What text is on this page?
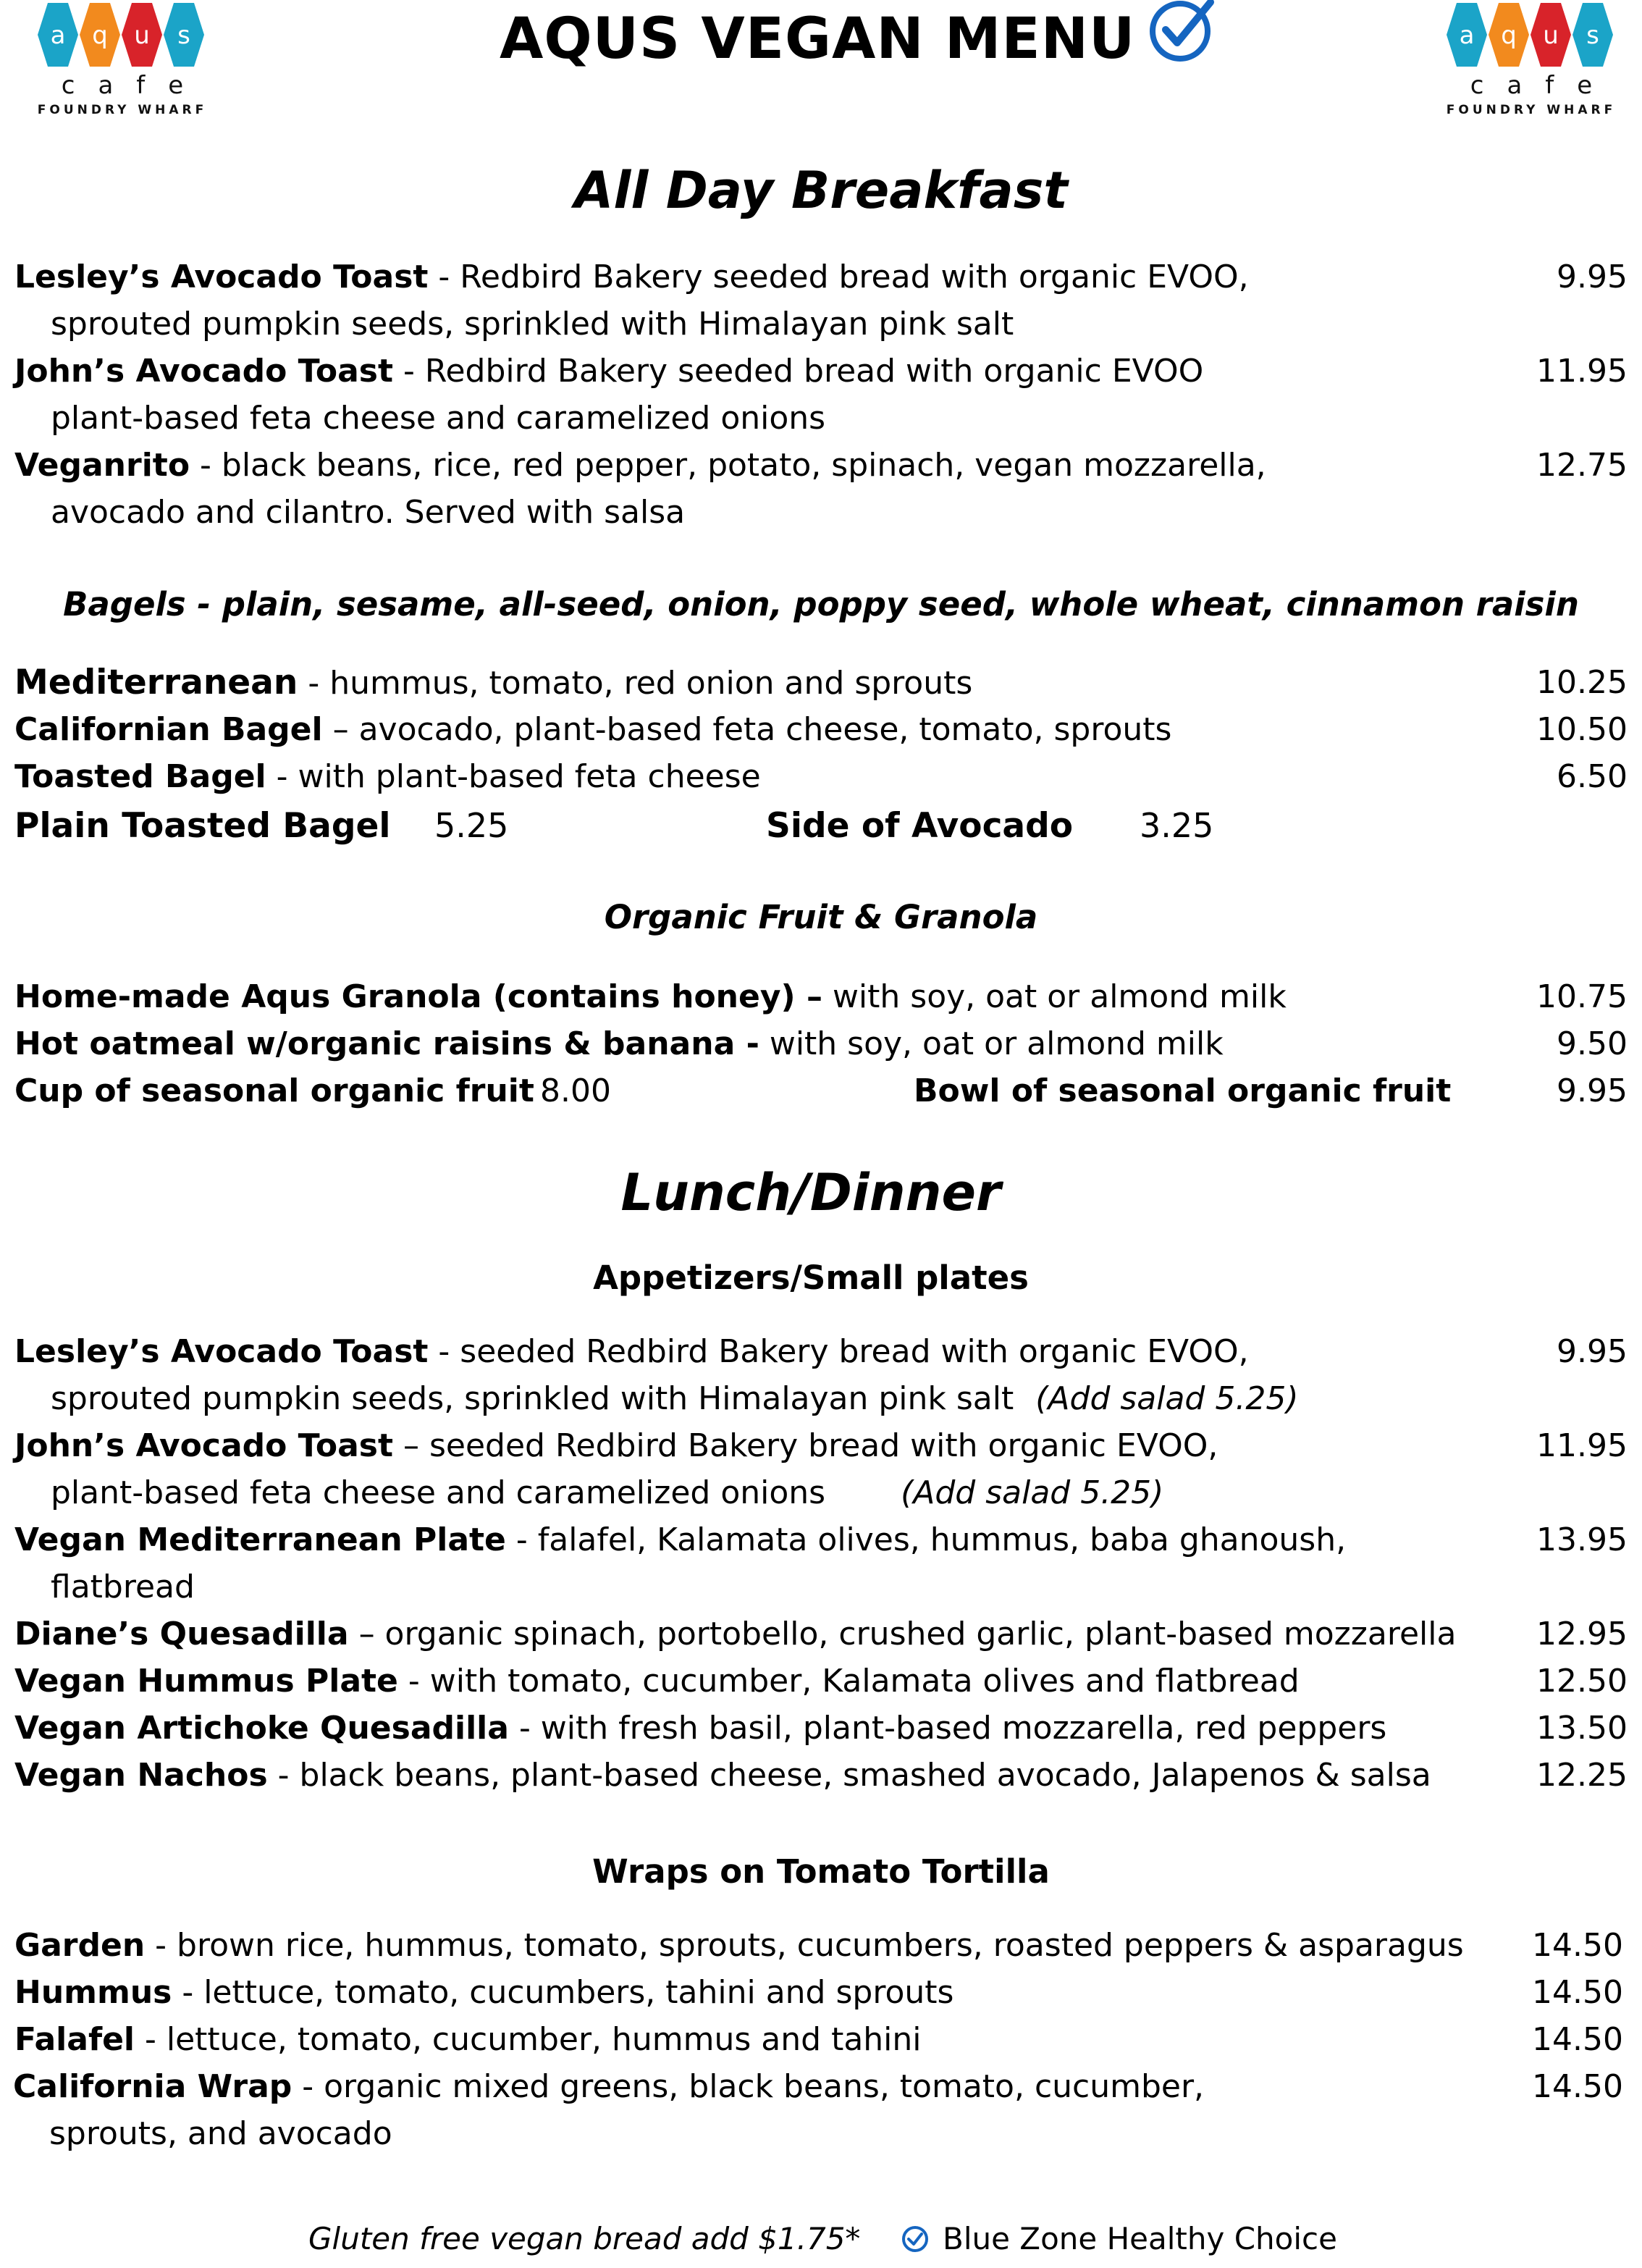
a q u s
cafe
FOUNDRY WHARF
AQUS VEGAN MENU	a q u s
cafe
FOUNDRY WHARF
All Day Breakfast
Lesley’s Avocado Toast - Redbird Bakery seeded bread with organic EVOO,
sprouted pumpkin seeds, sprinkled with Himalayan pink salt
9.95
John’s Avocado Toast - Redbird Bakery seeded bread with organic EVOO
plant-based feta cheese and caramelized onions
11.95
Veganrito - black beans, rice, red pepper, potato, spinach, vegan mozzarella,
avocado and cilantro. Served with salsa
12.75
Bagels - plain, sesame, all-seed, onion, poppy seed, whole wheat, cinnamon raisin
Mediterranean - hummus, tomato, red onion and sprouts	10.25
Californian Bagel – avocado, plant-based feta cheese, tomato, sprouts	10.50
Toasted Bagel - with plant-based feta cheese	6.50
Plain Toasted Bagel 5.25	Side of Avocado 3.25
Organic Fruit & Granola
Home-made Aqus Granola (contains honey) – with soy, oat or almond milk	10.75
Hot oatmeal w/organic raisins & banana - with soy, oat or almond milk	9.50
Cup of seasonal organic fruit 8.00	Bowl of seasonal organic fruit	9.95
Lunch/Dinner
Appetizers/Small plates
Lesley’s Avocado Toast - seeded Redbird Bakery bread with organic EVOO,
sprouted pumpkin seeds, sprinkled with Himalayan pink salt (Add salad 5.25)
9.95
John’s Avocado Toast – seeded Redbird Bakery bread with organic EVOO,
plant-based feta cheese and caramelized onions (Add salad 5.25)
11.95
Vegan Mediterranean Plate - falafel, Kalamata olives, hummus, baba ghanoush,
flatbread
13.95
Diane’s Quesadilla – organic spinach, portobello, crushed garlic, plant-based mozzarella	12.95
Vegan Hummus Plate - with tomato, cucumber, Kalamata olives and flatbread	12.50
Vegan Artichoke Quesadilla - with fresh basil, plant-based mozzarella, red peppers	13.50
Vegan Nachos - black beans, plant-based cheese, smashed avocado, Jalapenos & salsa	12.25
Wraps on Tomato Tortilla
Garden - brown rice, hummus, tomato, sprouts, cucumbers, roasted peppers & asparagus	14.50
Hummus - lettuce, tomato, cucumbers, tahini and sprouts	14.50
Falafel - lettuce, tomato, cucumber, hummus and tahini	14.50
California Wrap - organic mixed greens, black beans, tomato, cucumber,
sprouts, and avocado
14.50
Gluten free vegan bread add $1.75*	Blue Zone Healthy Choice
